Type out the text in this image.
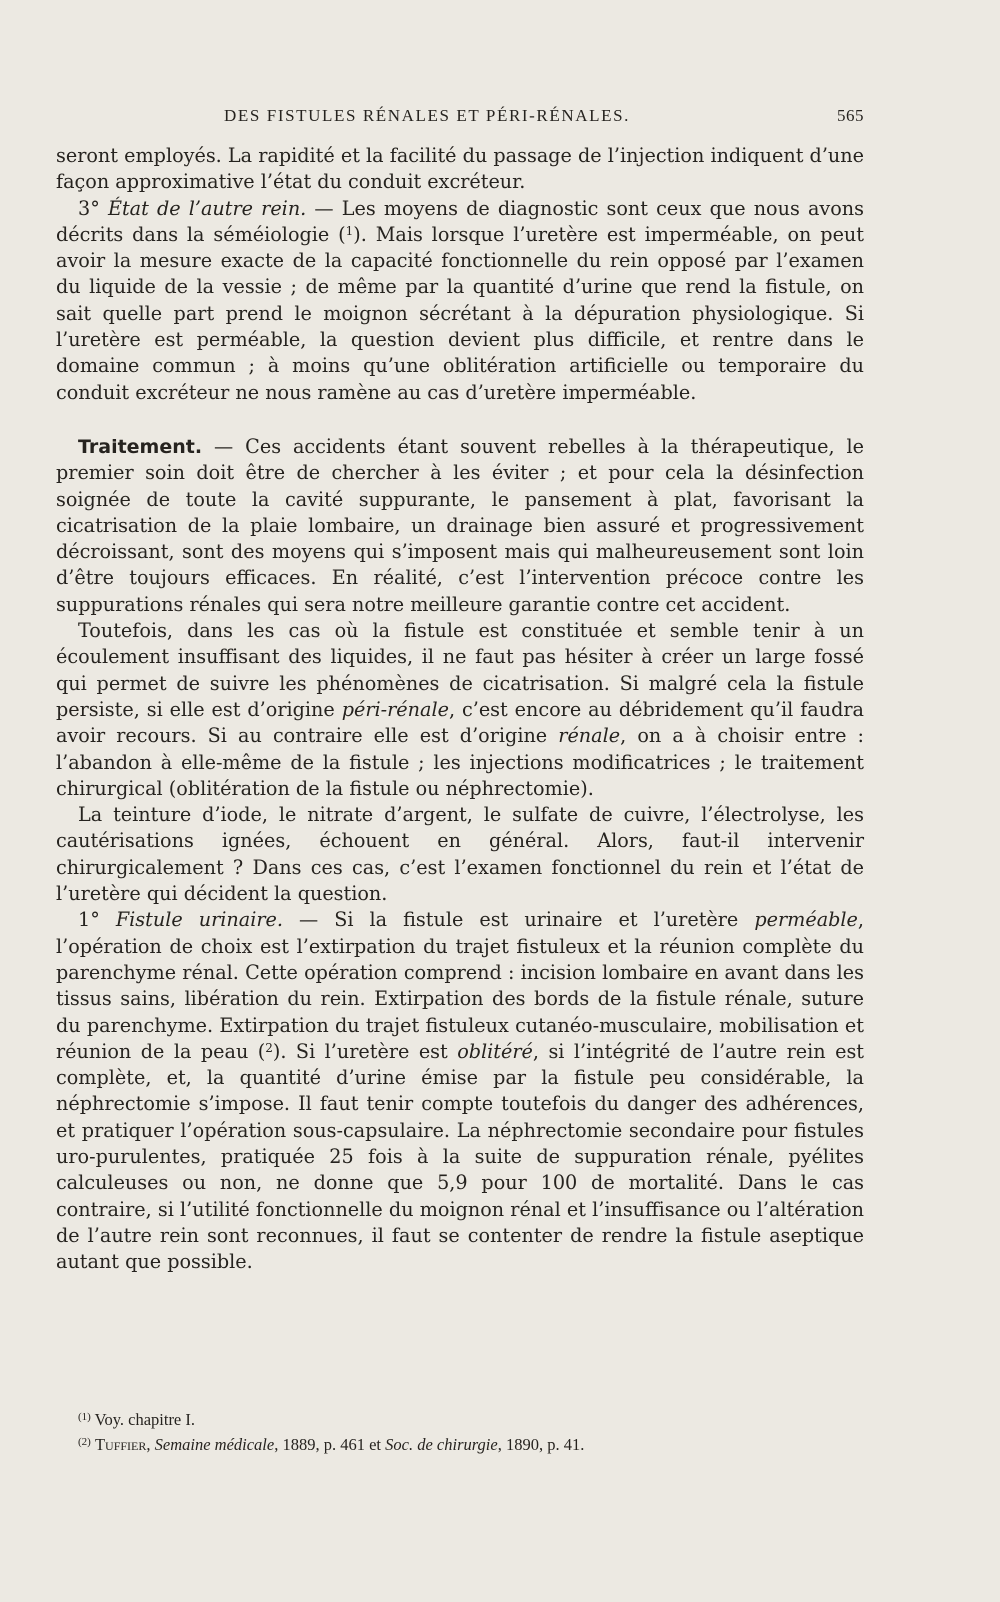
DES FISTULES RÉNALES ET PÉRI-RÉNALES.	565

seront employés. La rapidité et la facilité du passage de l’injection indiquent d’une façon approximative l’état du conduit excréteur.

3° État de l’autre rein. — Les moyens de diagnostic sont ceux que nous avons décrits dans la séméiologie ($^1$). Mais lorsque l’uretère est imperméable, on peut avoir la mesure exacte de la capacité fonctionnelle du rein opposé par l’examen du liquide de la vessie ; de même par la quantité d’urine que rend la fistule, on sait quelle part prend le moignon sécrétant à la dépuration physiologique. Si l’uretère est perméable, la question devient plus difficile, et rentre dans le domaine commun ; à moins qu’une oblitération artificielle ou temporaire du conduit excréteur ne nous ramène au cas d’uretère imperméable.

Traitement. — Ces accidents étant souvent rebelles à la thérapeutique, le premier soin doit être de chercher à les éviter ; et pour cela la désinfection soignée de toute la cavité suppurante, le pansement à plat, favorisant la cicatrisation de la plaie lombaire, un drainage bien assuré et progressivement décroissant, sont des moyens qui s’imposent mais qui malheureusement sont loin d’être toujours efficaces. En réalité, c’est l’intervention précoce contre les suppurations rénales qui sera notre meilleure garantie contre cet accident.

Toutefois, dans les cas où la fistule est constituée et semble tenir à un écoulement insuffisant des liquides, il ne faut pas hésiter à créer un large fossé qui permet de suivre les phénomènes de cicatrisation. Si malgré cela la fistule persiste, si elle est d’origine péri-rénale, c’est encore au débridement qu’il faudra avoir recours. Si au contraire elle est d’origine rénale, on a à choisir entre : l’abandon à elle-même de la fistule ; les injections modificatrices ; le traitement chirurgical (oblitération de la fistule ou néphrectomie).

La teinture d’iode, le nitrate d’argent, le sulfate de cuivre, l’électrolyse, les cautérisations ignées, échouent en général. Alors, faut-il intervenir chirurgicalement ? Dans ces cas, c’est l’examen fonctionnel du rein et l’état de l’uretère qui décident la question.

1° Fistule urinaire. — Si la fistule est urinaire et l’uretère perméable, l’opération de choix est l’extirpation du trajet fistuleux et la réunion complète du parenchyme rénal. Cette opération comprend : incision lombaire en avant dans les tissus sains, libération du rein. Extirpation des bords de la fistule rénale, suture du parenchyme. Extirpation du trajet fistuleux cutanéo-musculaire, mobilisation et réunion de la peau ($^2$). Si l’uretère est oblitéré, si l’intégrité de l’autre rein est complète, et, la quantité d’urine émise par la fistule peu considérable, la néphrectomie s’impose. Il faut tenir compte toutefois du danger des adhérences, et pratiquer l’opération sous-capsulaire. La néphrectomie secondaire pour fistules uro-purulentes, pratiquée 25 fois à la suite de suppuration rénale, pyélites calculeuses ou non, ne donne que 5,9 pour 100 de mortalité. Dans le cas contraire, si l’utilité fonctionnelle du moignon rénal et l’insuffisance ou l’altération de l’autre rein sont reconnues, il faut se contenter de rendre la fistule aseptique autant que possible.

$^{(1)}$ Voy. chapitre I.

$^{(2)}$ Tuffier, Semaine médicale, 1889, p. 461 et Soc. de chirurgie, 1890, p. 41.
